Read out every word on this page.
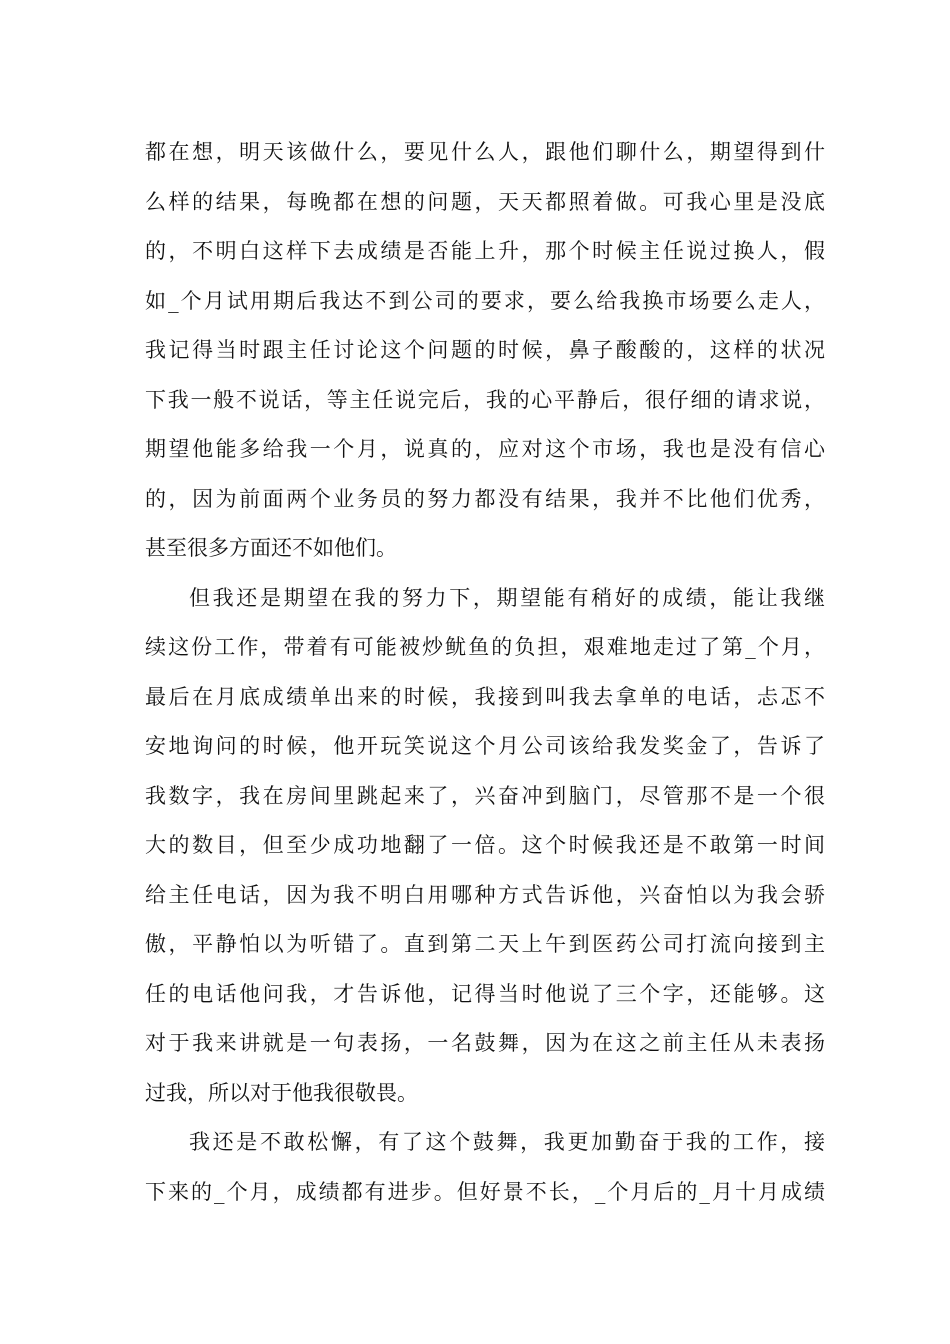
都在想，明天该做什么，要见什么人，跟他们聊什么，期望得到什
么样的结果，每晚都在想的问题，天天都照着做。可我心里是没底
的，不明白这样下去成绩是否能上升，那个时候主任说过换人，假
如_个月试用期后我达不到公司的要求，要么给我换市场要么走人，
我记得当时跟主任讨论这个问题的时候，鼻子酸酸的，这样的状况
下我一般不说话，等主任说完后，我的心平静后，很仔细的请求说，
期望他能多给我一个月，说真的，应对这个市场，我也是没有信心
的，因为前面两个业务员的努力都没有结果，我并不比他们优秀，
甚至很多方面还不如他们。
但我还是期望在我的努力下，期望能有稍好的成绩，能让我继
续这份工作，带着有可能被炒鱿鱼的负担，艰难地走过了第_个月，
最后在月底成绩单出来的时候，我接到叫我去拿单的电话，忐忑不
安地询问的时候，他开玩笑说这个月公司该给我发奖金了，告诉了
我数字，我在房间里跳起来了，兴奋冲到脑门，尽管那不是一个很
大的数目，但至少成功地翻了一倍。这个时候我还是不敢第一时间
给主任电话，因为我不明白用哪种方式告诉他，兴奋怕以为我会骄
傲，平静怕以为听错了。直到第二天上午到医药公司打流向接到主
任的电话他问我，才告诉他，记得当时他说了三个字，还能够。这
对于我来讲就是一句表扬，一名鼓舞，因为在这之前主任从未表扬
过我，所以对于他我很敬畏。
我还是不敢松懈，有了这个鼓舞，我更加勤奋于我的工作，接
下来的_个月，成绩都有进步。但好景不长，_个月后的_月十月成绩
